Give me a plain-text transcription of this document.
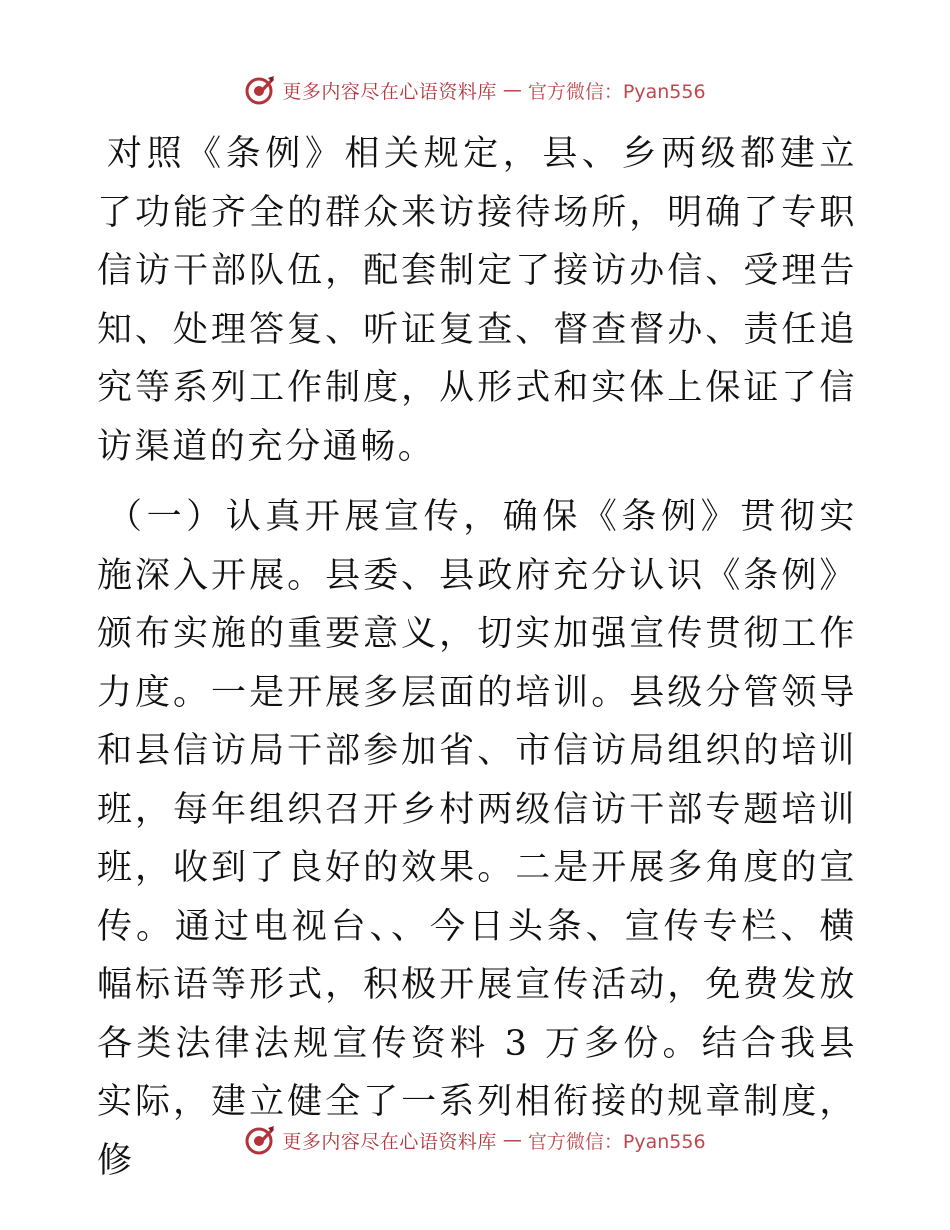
更多内容尽在心语资料库 — 官方微信：Pyan556

对照《条例》相关规定，县、乡两级都建立了功能齐全的群众来访接待场所，明确了专职信访干部队伍，配套制定了接访办信、受理告知、处理答复、听证复查、督查督办、责任追究等系列工作制度，从形式和实体上保证了信访渠道的充分通畅。

（一）认真开展宣传，确保《条例》贯彻实施深入开展。县委、县政府充分认识《条例》颁布实施的重要意义，切实加强宣传贯彻工作力度。一是开展多层面的培训。县级分管领导和县信访局干部参加省、市信访局组织的培训班，每年组织召开乡村两级信访干部专题培训班，收到了良好的效果。二是开展多角度的宣传。通过电视台、、今日头条、宣传专栏、横幅标语等形式，积极开展宣传活动，免费发放各类法律法规宣传资料 3 万多份。结合我县实际，建立健全了一系列相衔接的规章制度，修	更多内容尽在心语资料库 — 官方微信：Pyan556
